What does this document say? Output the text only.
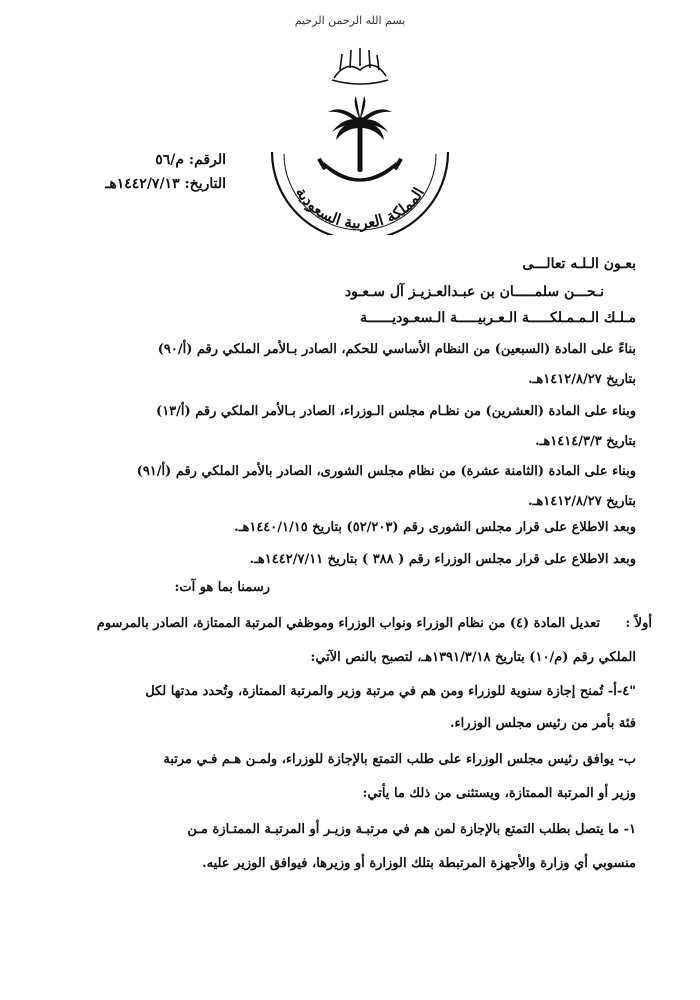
بسم الله الرحمن الرحيم
المملكة العربية السعودية
الرقم: م/٥٦
التاريخ: ١٤٤٢/٧/١٣هـ
بعـون الـلـه تعالـــى
نـحـــن سلمـــــان بن عبـدالعـزيـز آل سـعـود
مـلـك الـمـمـلكـــــة الـعـربيـــــة الـسعـوديــــــة
بناءً على المادة (السبعين) من النظام الأساسي للحكم، الصادر بـالأمر الملكي رقم (أ/٩٠)
بتاريخ ١٤١٢/٨/٢٧هـ.
وبناء على المادة (العشرين) من نظـام مجلس الـوزراء، الصادر بـالأمر الملكي رقم (أ/١٣)
بتاريخ ١٤١٤/٣/٣هـ.
وبناء على المادة (الثامنة عشرة) من نظام مجلس الشورى، الصادر بالأمر الملكي رقم (أ/٩١)
بتاريخ ١٤١٢/٨/٢٧هـ.
وبعد الاطلاع على قرار مجلس الشورى رقم (٥٢/٢٠٣) بتاريخ ١٤٤٠/١/١٥هـ.
وبعد الاطلاع على قرار مجلس الوزراء رقم ( ٣٨٨ ) بتاريخ ١٤٤٢/٧/١١هـ.
رسمنا بما هو آت:
أولاً :
تعديل المادة (٤) من نظام الوزراء ونواب الوزراء وموظفي المرتبة الممتازة، الصادر بالمرسوم
الملكي رقم (م/١٠) بتاريخ ١٣٩١/٣/١٨هـ، لتصبح بالنص الآتي:
"٤-أ- تُمنح إجازة سنوية للوزراء ومن هم في مرتبة وزير والمرتبة الممتازة، وتُحدد مدتها لكل
فئة بأمر من رئيس مجلس الوزراء.
ب- يوافق رئيس مجلس الوزراء على طلب التمتع بالإجازة للوزراء، ولمـن هـم فـي مرتبة
وزير أو المرتبة الممتازة، ويستثنى من ذلك ما يأتي:
١- ما يتصل بطلب التمتع بالإجازة لمن هم في مرتبـة وزيـر أو المرتبـة الممتـازة مـن
منسوبي أي وزارة والأجهزة المرتبطة بتلك الوزارة أو وزيرها، فيوافق الوزير عليه.
